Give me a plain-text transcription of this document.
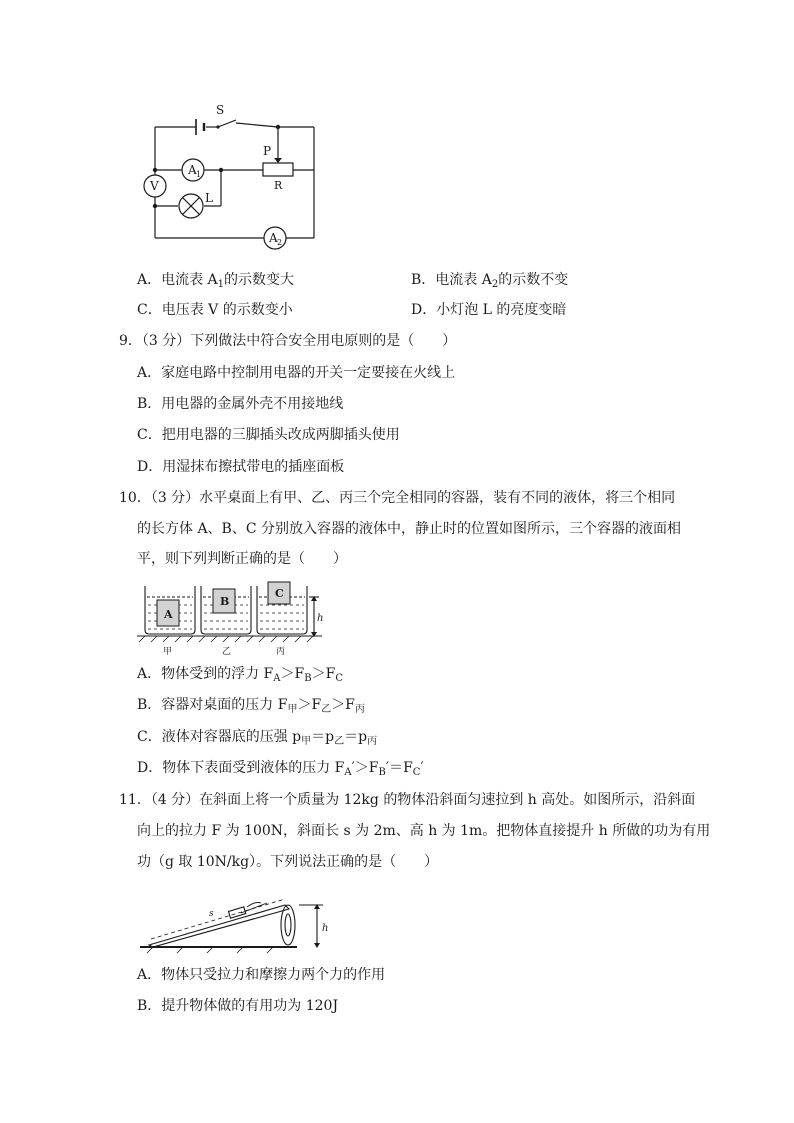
S
P
R
A 1
V
L
A 2
A．电流表 $A_1$的示数变大	B．电流表 $A_2$的示数不变
C．电压表 V 的示数变小	D．小灯泡 L 的亮度变暗
9．（3 分）下列做法中符合安全用电原则的是（　　）
A．家庭电路中控制用电器的开关一定要接在火线上
B．用电器的金属外壳不用接地线
C．把用电器的三脚插头改成两脚插头使用
D．用湿抹布擦拭带电的插座面板
10．（3 分）水平桌面上有甲、乙、丙三个完全相同的容器，装有不同的液体，将三个相同
的长方体 A、B、C 分别放入容器的液体中，静止时的位置如图所示，三个容器的液面相
平，则下列判断正确的是（　　）
A
B
C
h
甲	乙	丙
A．物体受到的浮力 $F_A>F_B>F_C$
B．容器对桌面的压力 $F_甲>F_乙>F_丙$
C．液体对容器底的压强 $p_甲=p_乙=p_丙$
D．物体下表面受到液体的压力 $F_A'>F_B'=F_C'$
11．（4 分）在斜面上将一个质量为 12kg 的物体沿斜面匀速拉到 h 高处。如图所示，沿斜面
向上的拉力 F 为 100N，斜面长 s 为 2m、高 h 为 1m。把物体直接提升 h 所做的功为有用
功（g 取 10N/kg）。下列说法正确的是（　　）
s
h
A．物体只受拉力和摩擦力两个力的作用
B．提升物体做的有用功为 120J
